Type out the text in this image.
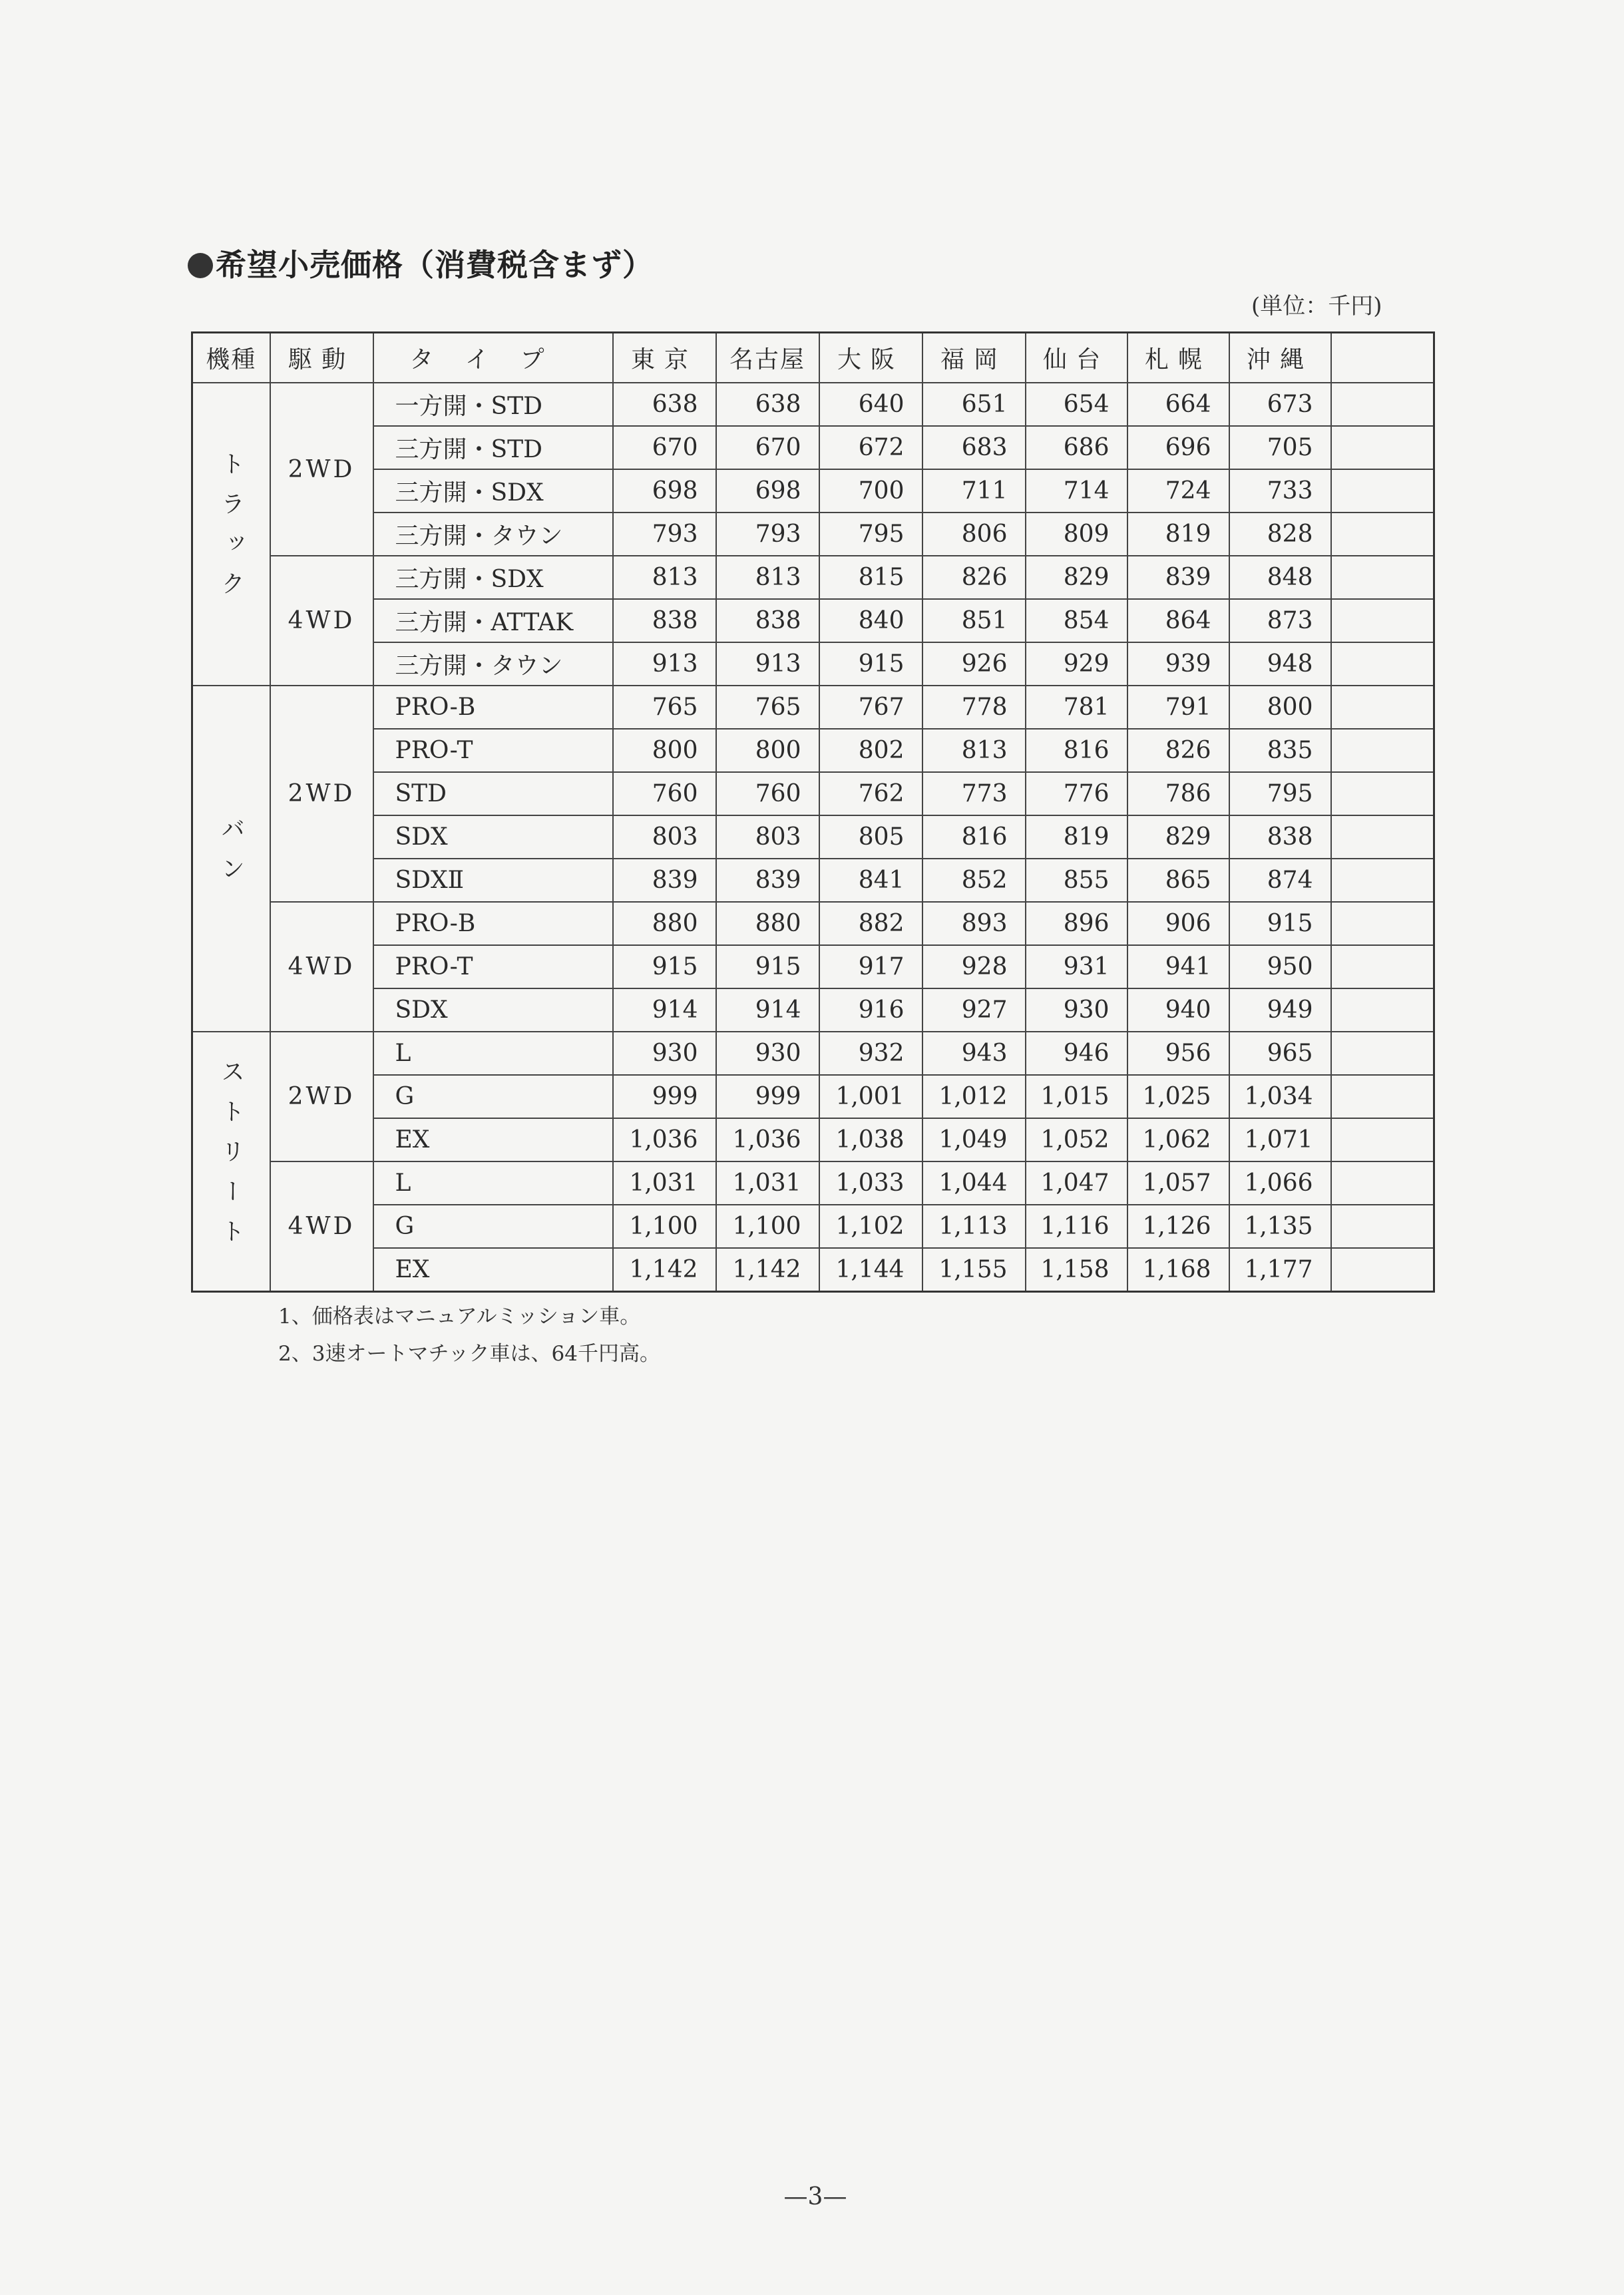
希望小売価格（消費税含まず）
(単位：千円)
機種	駆動	タイプ	東京	名古屋	大阪	福岡	仙台	札幌	沖縄	
トラック	2WD	一方開・STD	638	638	640	651	654	664	673	
		三方開・STD	670	670	672	683	686	696	705	
		三方開・SDX	698	698	700	711	714	724	733	
		三方開・タウン	793	793	795	806	809	819	828	
	4WD	三方開・SDX	813	813	815	826	829	839	848	
		三方開・ATTAK	838	838	840	851	854	864	873	
		三方開・タウン	913	913	915	926	929	939	948	
バン	2WD	PRO-B	765	765	767	778	781	791	800	
		PRO-T	800	800	802	813	816	826	835	
		STD	760	760	762	773	776	786	795	
		SDX	803	803	805	816	819	829	838	
		SDXⅡ	839	839	841	852	855	865	874	
	4WD	PRO-B	880	880	882	893	896	906	915	
		PRO-T	915	915	917	928	931	941	950	
		SDX	914	914	916	927	930	940	949	
ストリート	2WD	L	930	930	932	943	946	956	965	
		G	999	999	1,001	1,012	1,015	1,025	1,034	
		EX	1,036	1,036	1,038	1,049	1,052	1,062	1,071	
	4WD	L	1,031	1,031	1,033	1,044	1,047	1,057	1,066	
		G	1,100	1,100	1,102	1,113	1,116	1,126	1,135	
		EX	1,142	1,142	1,144	1,155	1,158	1,168	1,177	
1、価格表はマニュアルミッション車。
2、3速オートマチック車は、64千円高。
—3—
